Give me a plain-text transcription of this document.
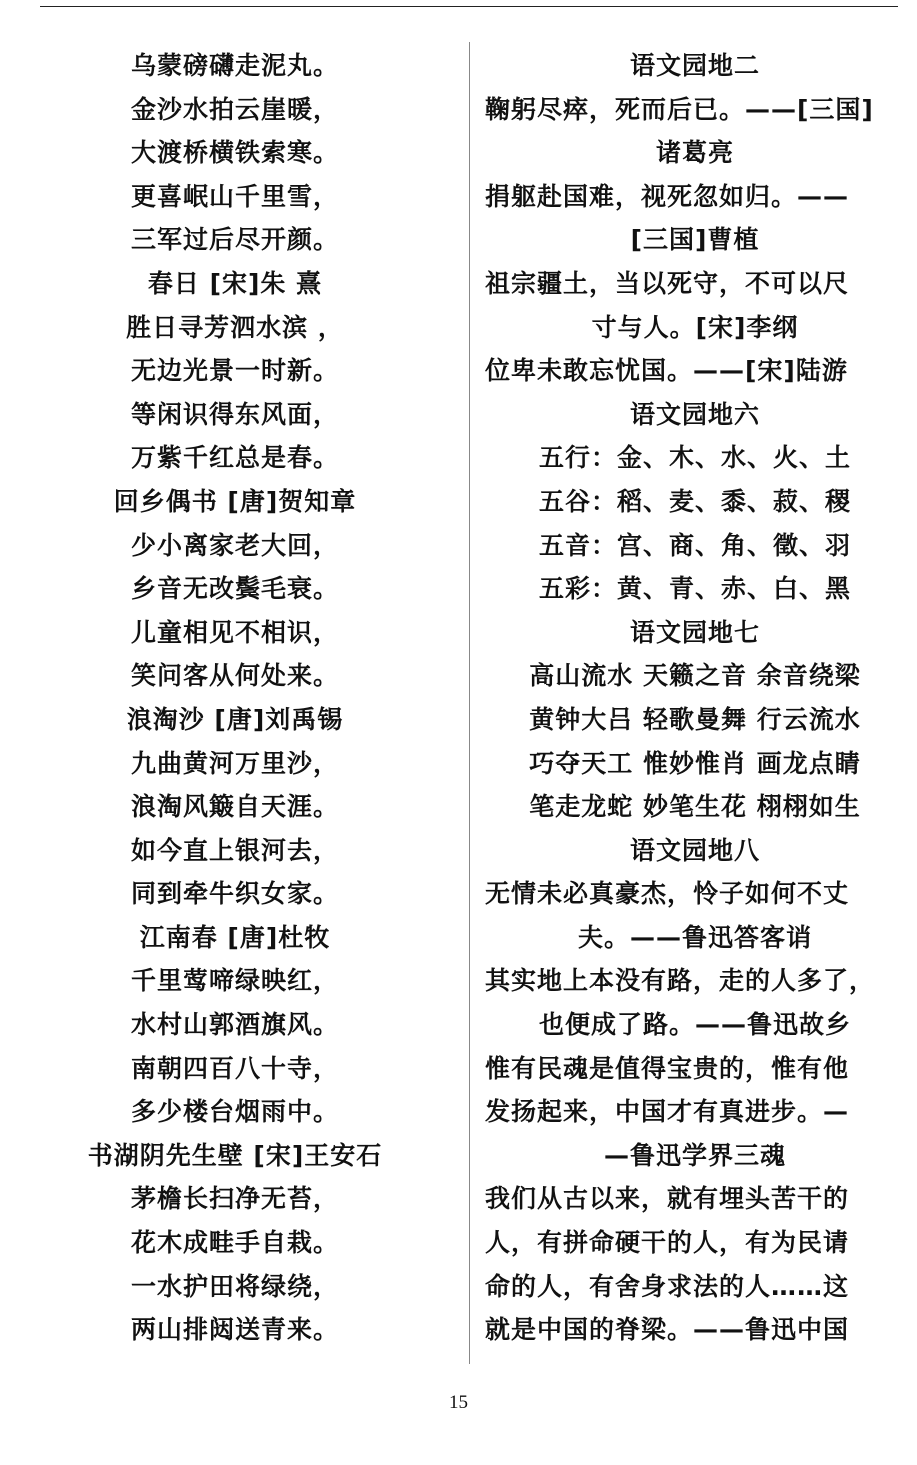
乌蒙磅礴走泥丸。
金沙水拍云崖暖，
大渡桥横铁索寒。
更喜岷山千里雪，
三军过后尽开颜。
春日 [宋]朱 熹
胜日寻芳泗水滨 ，
无边光景一时新。
等闲识得东风面，
万紫千红总是春。
回乡偶书 [唐]贺知章
少小离家老大回，
乡音无改鬓毛衰。
儿童相见不相识，
笑问客从何处来。
浪淘沙 [唐]刘禹锡
九曲黄河万里沙，
浪淘风簸自天涯。
如今直上银河去，
同到牵牛织女家。
江南春 [唐]杜牧
千里莺啼绿映红，
水村山郭酒旗风。
南朝四百八十寺，
多少楼台烟雨中。
书湖阴先生壁 [宋]王安石
茅檐长扫净无苔，
花木成畦手自栽。
一水护田将绿绕，
两山排闼送青来。
语文园地二
鞠躬尽瘁，死而后已。——[三国]
诸葛亮
捐躯赴国难，视死忽如归。——
[三国]曹植
祖宗疆土，当以死守，不可以尺
寸与人。[宋]李纲
位卑未敢忘忧国。——[宋]陆游
语文园地六
五行：金、木、水、火、土
五谷：稻、麦、黍、菽、稷
五音：宫、商、角、徵、羽
五彩：黄、青、赤、白、黑
语文园地七
高山流水 天籁之音 余音绕梁
黄钟大吕 轻歌曼舞 行云流水
巧夺天工 惟妙惟肖 画龙点睛
笔走龙蛇 妙笔生花 栩栩如生
语文园地八
无情未必真豪杰，怜子如何不丈
夫。——鲁迅答客诮
其实地上本没有路，走的人多了，
也便成了路。——鲁迅故乡
惟有民魂是值得宝贵的，惟有他
发扬起来，中国才有真进步。—
—鲁迅学界三魂
我们从古以来，就有埋头苦干的
人，有拼命硬干的人，有为民请
命的人，有舍身求法的人……这
就是中国的脊梁。——鲁迅中国
15
